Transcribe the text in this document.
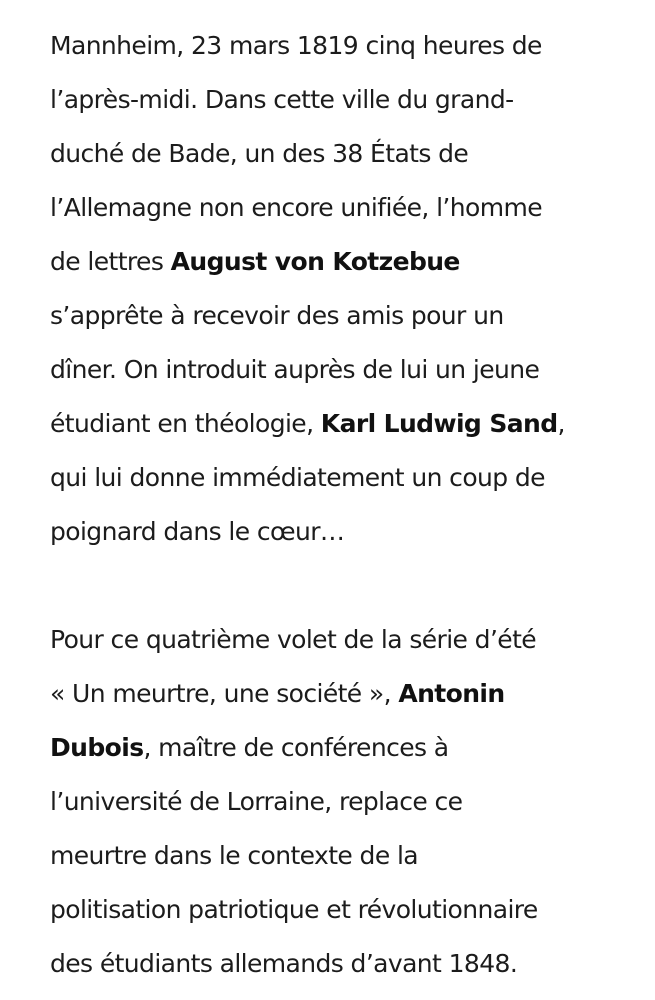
Mannheim, 23 mars 1819 cinq heures de
l’après-midi. Dans cette ville du grand-
duché de Bade, un des 38 États de
l’Allemagne non encore unifiée, l’homme
de lettres August von Kotzebue
s’apprête à recevoir des amis pour un
dîner. On introduit auprès de lui un jeune
étudiant en théologie, Karl Ludwig Sand,
qui lui donne immédiatement un coup de
poignard dans le cœur…

Pour ce quatrième volet de la série d’été
« Un meurtre, une société », Antonin
Dubois, maître de conférences à
l’université de Lorraine, replace ce
meurtre dans le contexte de la
politisation patriotique et révolutionnaire
des étudiants allemands d’avant 1848.
